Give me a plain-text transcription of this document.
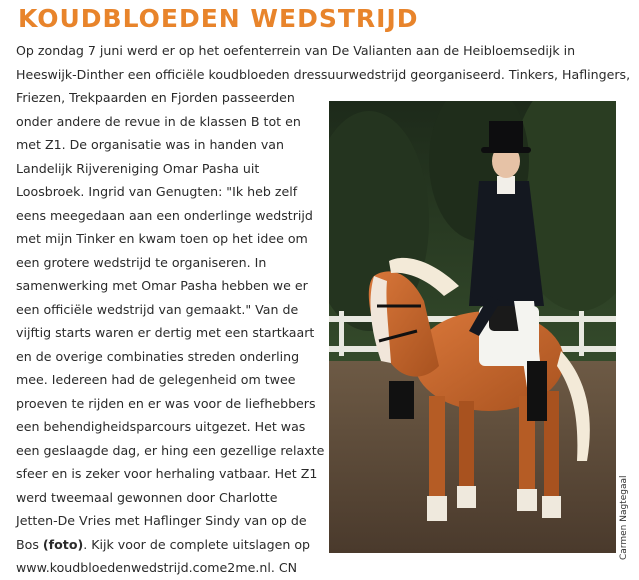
KOUDBLOEDEN WEDSTRIJD
Op zondag 7 juni werd er op het oefenterrein van De Valianten aan de Heibloemsedijk in
Heeswijk-Dinther een officiële koudbloeden dressuurwedstrijd georganiseerd. Tinkers, Haflingers,
Friezen, Trekpaarden en Fjorden passeerden
onder andere de revue in de klassen B tot en
met Z1. De organisatie was in handen van
Landelijk Rijvereniging Omar Pasha uit
Loosbroek. Ingrid van Genugten: "Ik heb zelf
eens meegedaan aan een onderlinge wedstrijd
met mijn Tinker en kwam toen op het idee om
een grotere wedstrijd te organiseren. In
samenwerking met Omar Pasha hebben we er
een officiële wedstrijd van gemaakt." Van de
vijftig starts waren er dertig met een startkaart
en de overige combinaties streden onderling
mee. Iedereen had de gelegenheid om twee
proeven te rijden en er was voor de liefhebbers
een behendigheidsparcours uitgezet. Het was
een geslaagde dag, er hing een gezellige relaxte
sfeer en is zeker voor herhaling vatbaar. Het Z1
werd tweemaal gewonnen door Charlotte
Jetten-De Vries met Haflinger Sindy van op de
Bos (foto). Kijk voor de complete uitslagen op
www.koudbloedenwedstrijd.come2me.nl. CN
Carmen Nagtegaal
